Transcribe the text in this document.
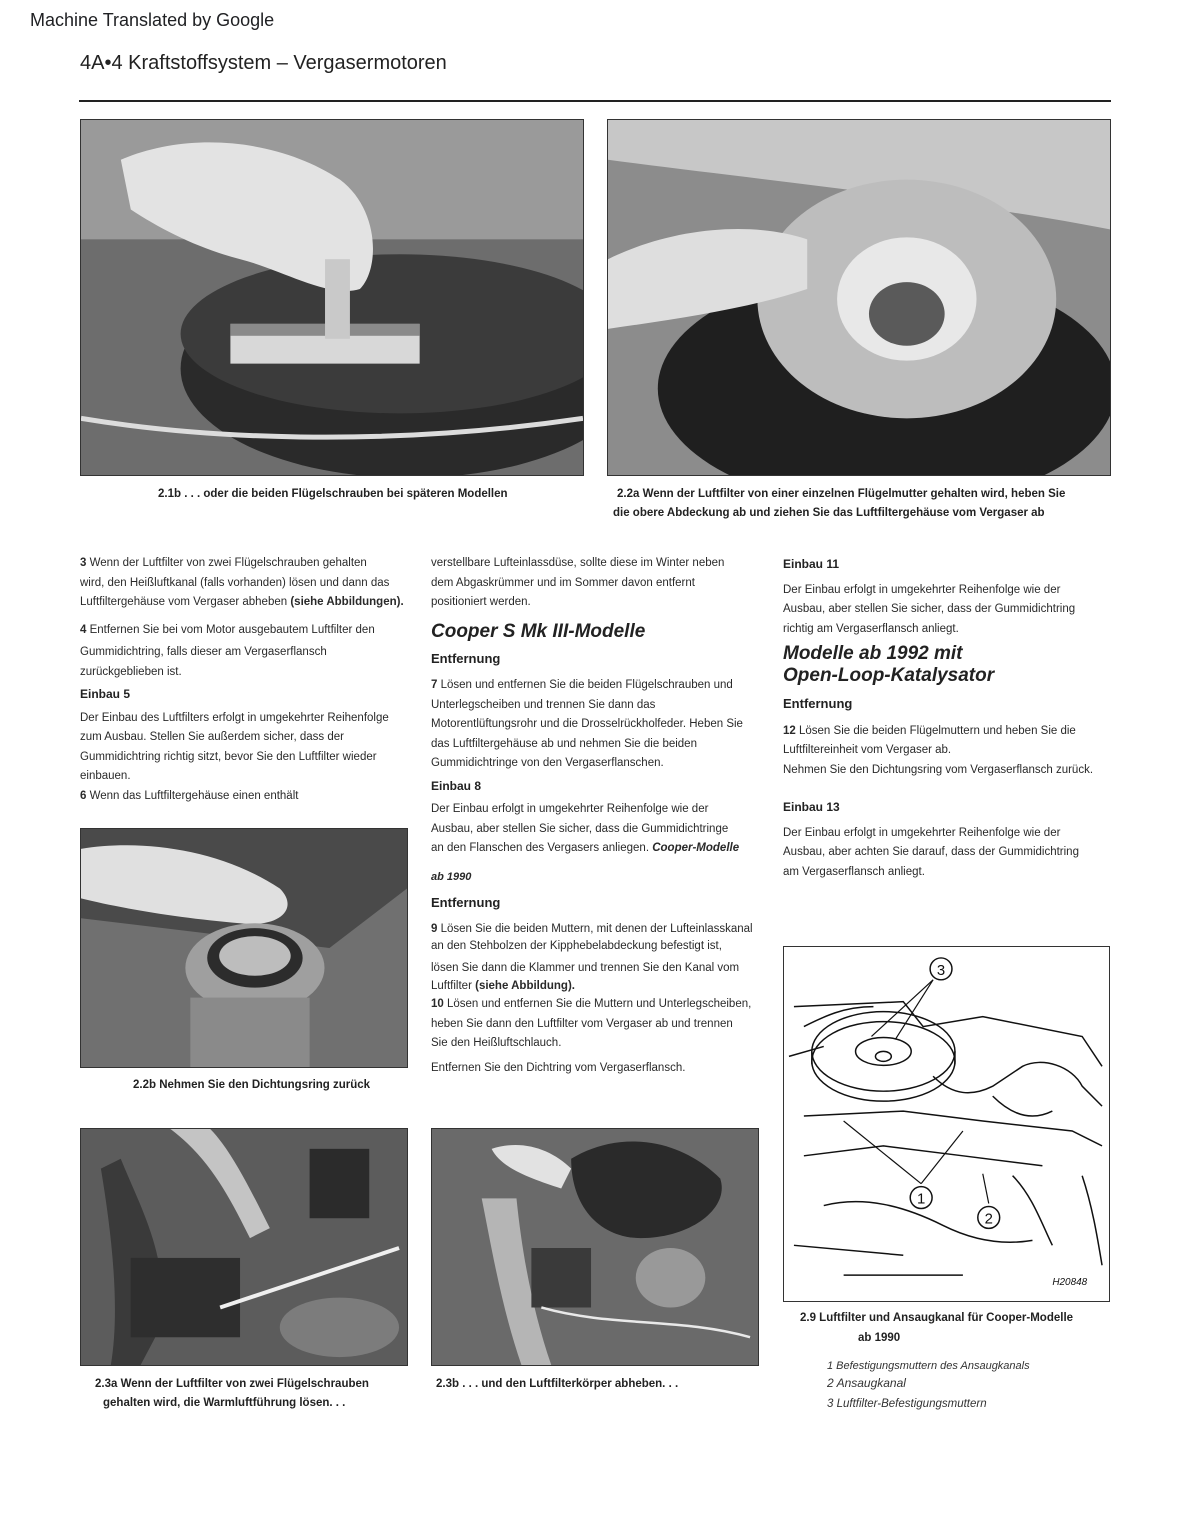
Machine Translated by Google
4A•4 Kraftstoffsystem – Vergasermotoren
2.1b . . . oder die beiden Flügelschrauben bei späteren Modellen	2.2a Wenn der Luftfilter von einer einzelnen Flügelmutter gehalten wird, heben Sie
die obere Abdeckung ab und ziehen Sie das Luftfiltergehäuse vom Vergaser ab

3 Wenn der Luftfilter von zwei Flügelschrauben gehalten

wird, den Heißluftkanal (falls vorhanden) lösen und dann das

Luftfiltergehäuse vom Vergaser abheben (siehe Abbildungen).

4 Entfernen Sie bei vom Motor ausgebautem Luftfilter den

Gummidichtring, falls dieser am Vergaserflansch

zurückgeblieben ist.

Einbau 5

Der Einbau des Luftfilters erfolgt in umgekehrter Reihenfolge

zum Ausbau. Stellen Sie außerdem sicher, dass der

Gummidichtring richtig sitzt, bevor Sie den Luftfilter wieder

einbauen.

6 Wenn das Luftfiltergehäuse einen enthält

2.2b Nehmen Sie den Dichtungsring zurück

verstellbare Lufteinlassdüse, sollte diese im Winter neben

dem Abgaskrümmer und im Sommer davon entfernt

positioniert werden.

Cooper S Mk III-Modelle

Entfernung

7 Lösen und entfernen Sie die beiden Flügelschrauben und

Unterlegscheiben und trennen Sie dann das

Motorentlüftungsrohr und die Drosselrückholfeder. Heben Sie

das Luftfiltergehäuse ab und nehmen Sie die beiden

Gummidichtringe von den Vergaserflanschen.

Einbau 8

Der Einbau erfolgt in umgekehrter Reihenfolge wie der

Ausbau, aber stellen Sie sicher, dass die Gummidichtringe

an den Flanschen des Vergasers anliegen. Cooper-Modelle

ab 1990

Entfernung

9 Lösen Sie die beiden Muttern, mit denen der Lufteinlasskanal

an den Stehbolzen der Kipphebelabdeckung befestigt ist,

lösen Sie dann die Klammer und trennen Sie den Kanal vom

Luftfilter (siehe Abbildung).

10 Lösen und entfernen Sie die Muttern und Unterlegscheiben,

heben Sie dann den Luftfilter vom Vergaser ab und trennen

Sie den Heißluftschlauch.

Entfernen Sie den Dichtring vom Vergaserflansch.

Einbau 11

Der Einbau erfolgt in umgekehrter Reihenfolge wie der

Ausbau, aber stellen Sie sicher, dass der Gummidichtring

richtig am Vergaserflansch anliegt.

Modelle ab 1992 mit

Open-Loop-Katalysator

Entfernung

12 Lösen Sie die beiden Flügelmuttern und heben Sie die

Luftfiltereinheit vom Vergaser ab.

Nehmen Sie den Dichtungsring vom Vergaserflansch zurück.

Einbau 13

Der Einbau erfolgt in umgekehrter Reihenfolge wie der

Ausbau, aber achten Sie darauf, dass der Gummidichtring

am Vergaserflansch anliegt.

3
1
2
H20848
2.9 Luftfilter und Ansaugkanal für Cooper-Modelle
ab 1990
1 Befestigungsmuttern des Ansaugkanals
2 Ansaugkanal
3 Luftfilter-Befestigungsmuttern
2.3a Wenn der Luftfilter von zwei Flügelschrauben
gehalten wird, die Warmluftführung lösen. . .
2.3b . . . und den Luftfilterkörper abheben. . .
